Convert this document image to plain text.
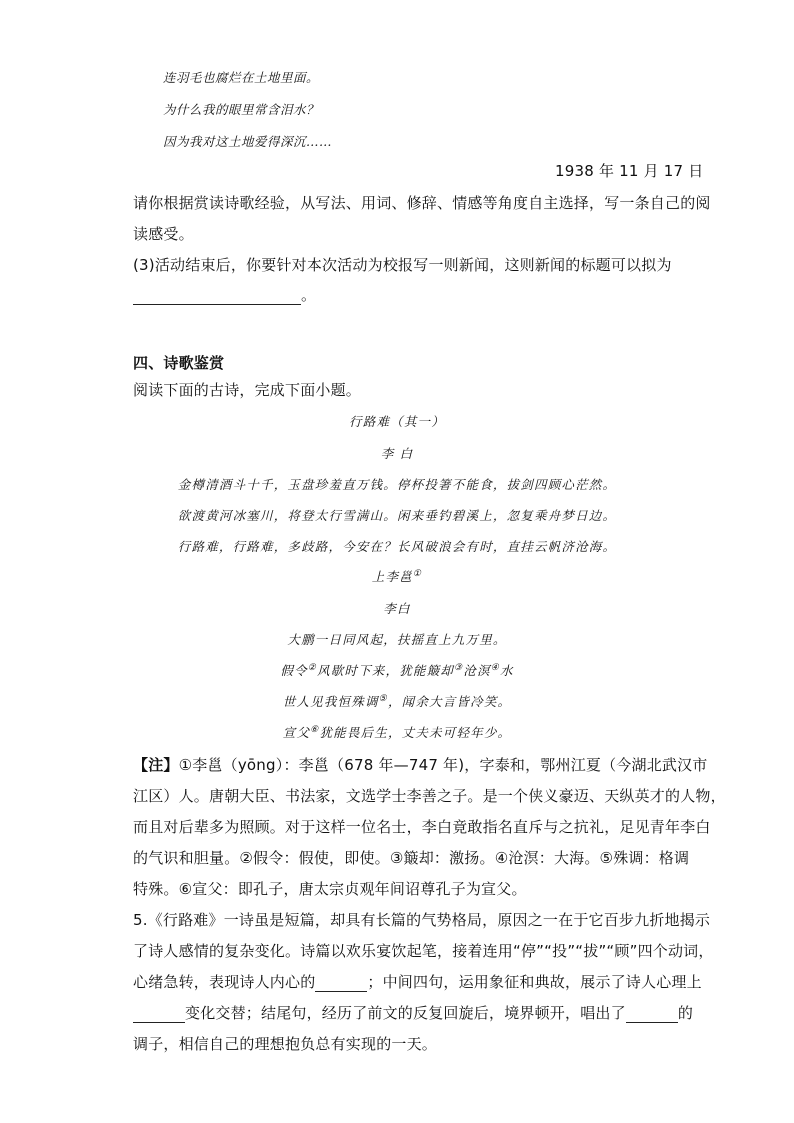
连羽毛也腐烂在土地里面。
为什么我的眼里常含泪水？
因为我对这土地爱得深沉……
1938 年 11 月 17 日
请你根据赏读诗歌经验，从写法、用词、修辞、情感等角度自主选择，写一条自己的阅
读感受。
(3)活动结束后，你要针对本次活动为校报写一则新闻，这则新闻的标题可以拟为
。
四、诗歌鉴赏
阅读下面的古诗，完成下面小题。
行路难（其一）
李 白
金樽清酒斗十千，玉盘珍羞直万钱。停杯投箸不能食，拔剑四顾心茫然。
欲渡黄河冰塞川，将登太行雪满山。闲来垂钓碧溪上，忽复乘舟梦日边。
行路难，行路难，多歧路，今安在？长风破浪会有时，直挂云帆济沧海。
上李邕①
李白
大鹏一日同风起，扶摇直上九万里。
假令②风歇时下来，犹能簸却③沧溟④水
世人见我恒殊调⑤，闻余大言皆冷笑。
宣父⑥犹能畏后生，丈夫未可轻年少。
【注】①李邕（yōng）：李邕（678 年—747 年)，字泰和，鄂州江夏（今湖北武汉市
江区）人。唐朝大臣、书法家，文选学士李善之子。是一个侠义豪迈、天纵英才的人物，
而且对后辈多为照顾。对于这样一位名士，李白竟敢指名直斥与之抗礼，足见青年李白
的气识和胆量。②假令：假使，即使。③簸却：激扬。④沧溟：大海。⑤殊调：格调
特殊。⑥宣父：即孔子，唐太宗贞观年间诏尊孔子为宣父。
5.《行路难》一诗虽是短篇，却具有长篇的气势格局，原因之一在于它百步九折地揭示
了诗人感情的复杂变化。诗篇以欢乐宴饮起笔，接着连用“停”“投”“拔”“顾”四个动词，
心绪急转，表现诗人内心的	；中间四句，运用象征和典故，展示了诗人心理上
变化交替；结尾句，经历了前文的反复回旋后，境界顿开，唱出了	的
调子，相信自己的理想抱负总有实现的一天。
